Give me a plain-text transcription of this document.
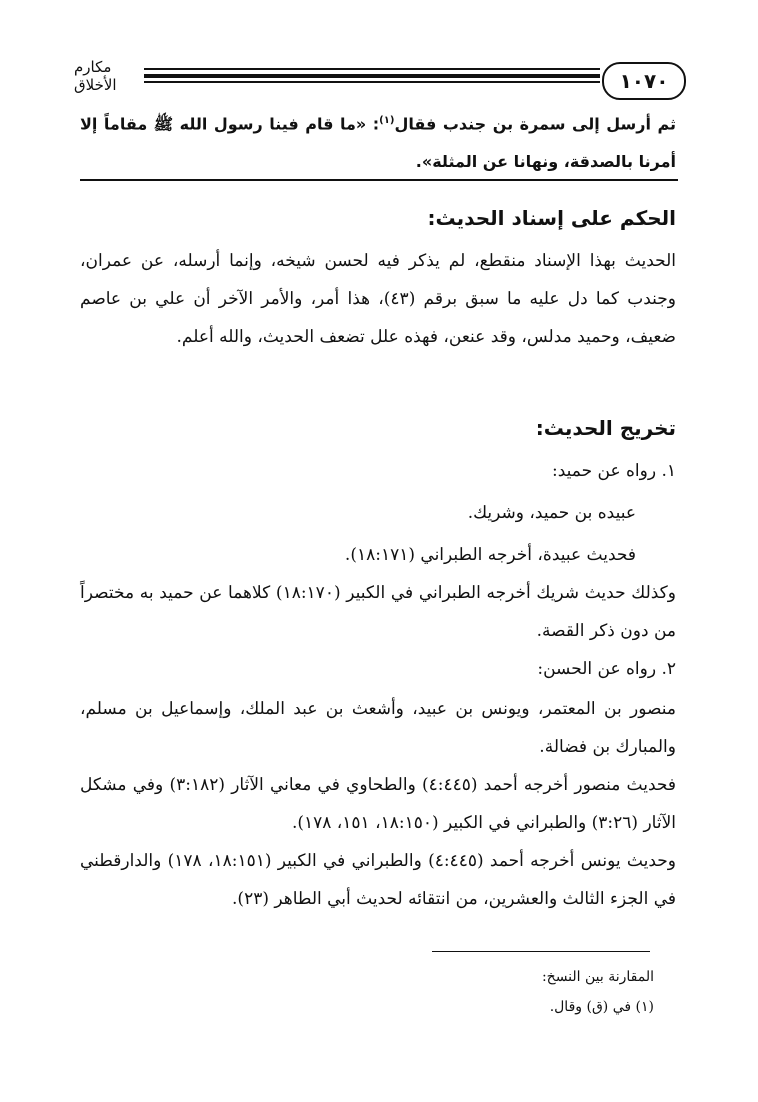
مكارم الأخلاق	١٠٧٠
ثم أرسل إلى سمرة بن جندب فقال$^{(١)}$: «ما قام فينا رسول الله ﷺ مقاماً إلا أمرنا بالصدقة، ونهانا عن المثلة».
الحكم على إسناد الحديث:
الحديث بهذا الإسناد منقطع، لم يذكر فيه لحسن شيخه، وإنما أرسله، عن عمران، وجندب كما دل عليه ما سبق برقم (٤٣)، هذا أمر، والأمر الآخر أن علي بن عاصم ضعيف، وحميد مدلس، وقد عنعن، فهذه علل تضعف الحديث، والله أعلم.
تخريج الحديث:
١. رواه عن حميد:
عبيده بن حميد، وشريك.
فحديث عبيدة، أخرجه الطبراني (١٨:١٧١).
وكذلك حديث شريك أخرجه الطبراني في الكبير (١٨:١٧٠) كلاهما عن حميد به مختصراً من دون ذكر القصة.
٢. رواه عن الحسن:
منصور بن المعتمر، ويونس بن عبيد، وأشعث بن عبد الملك، وإسماعيل بن مسلم، والمبارك بن فضالة.
فحديث منصور أخرجه أحمد (٤:٤٤٥) والطحاوي في معاني الآثار (٣:١٨٢) وفي مشكل الآثار (٣:٢٦) والطبراني في الكبير (١٨:١٥٠، ١٥١، ١٧٨).
وحديث يونس أخرجه أحمد (٤:٤٤٥) والطبراني في الكبير (١٨:١٥١، ١٧٨) والدارقطني في الجزء الثالث والعشرين، من انتقائه لحديث أبي الطاهر (٢٣).
المقارنة بين النسخ:
(١) في (ق) وقال.
